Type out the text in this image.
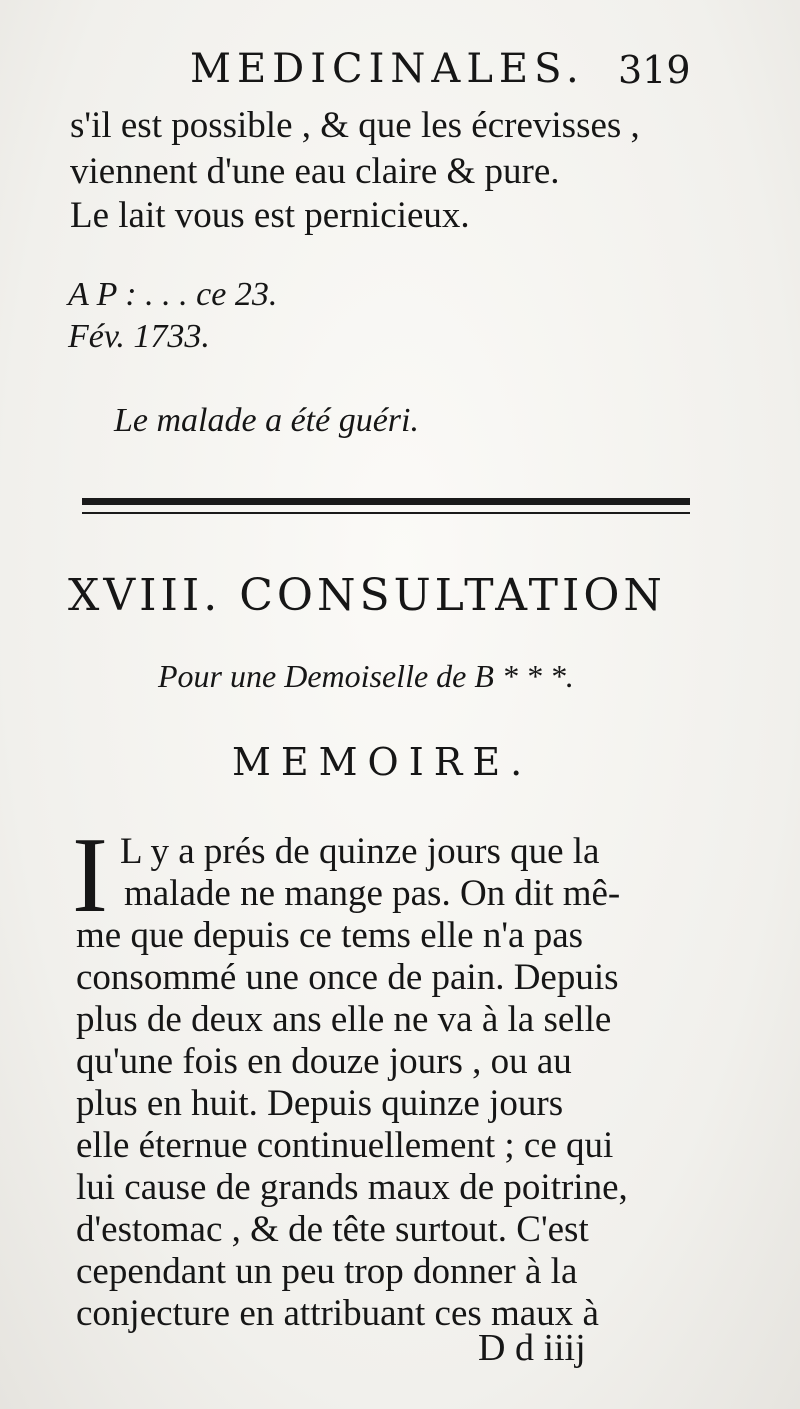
MEDICINALES. 319
s'il est possible , & que les écrevisses ,
viennent d'une eau claire & pure.
Le lait vous est pernicieux.
A P : . . . ce 23.
Fév. 1733.
Le malade a été guéri.
XVIII. CONSULTATION
Pour une Demoiselle de B * * *.
MEMOIRE.
I L y a prés de quinze jours que la
malade ne mange pas. On dit mê-
me que depuis ce tems elle n'a pas
consommé une once de pain. Depuis
plus de deux ans elle ne va à la selle
qu'une fois en douze jours , ou au
plus en huit. Depuis quinze jours
elle éternue continuellement ; ce qui
lui cause de grands maux de poitrine,
d'estomac , & de tête surtout. C'est
cependant un peu trop donner à la
conjecture en attribuant ces maux à
D d iiij
